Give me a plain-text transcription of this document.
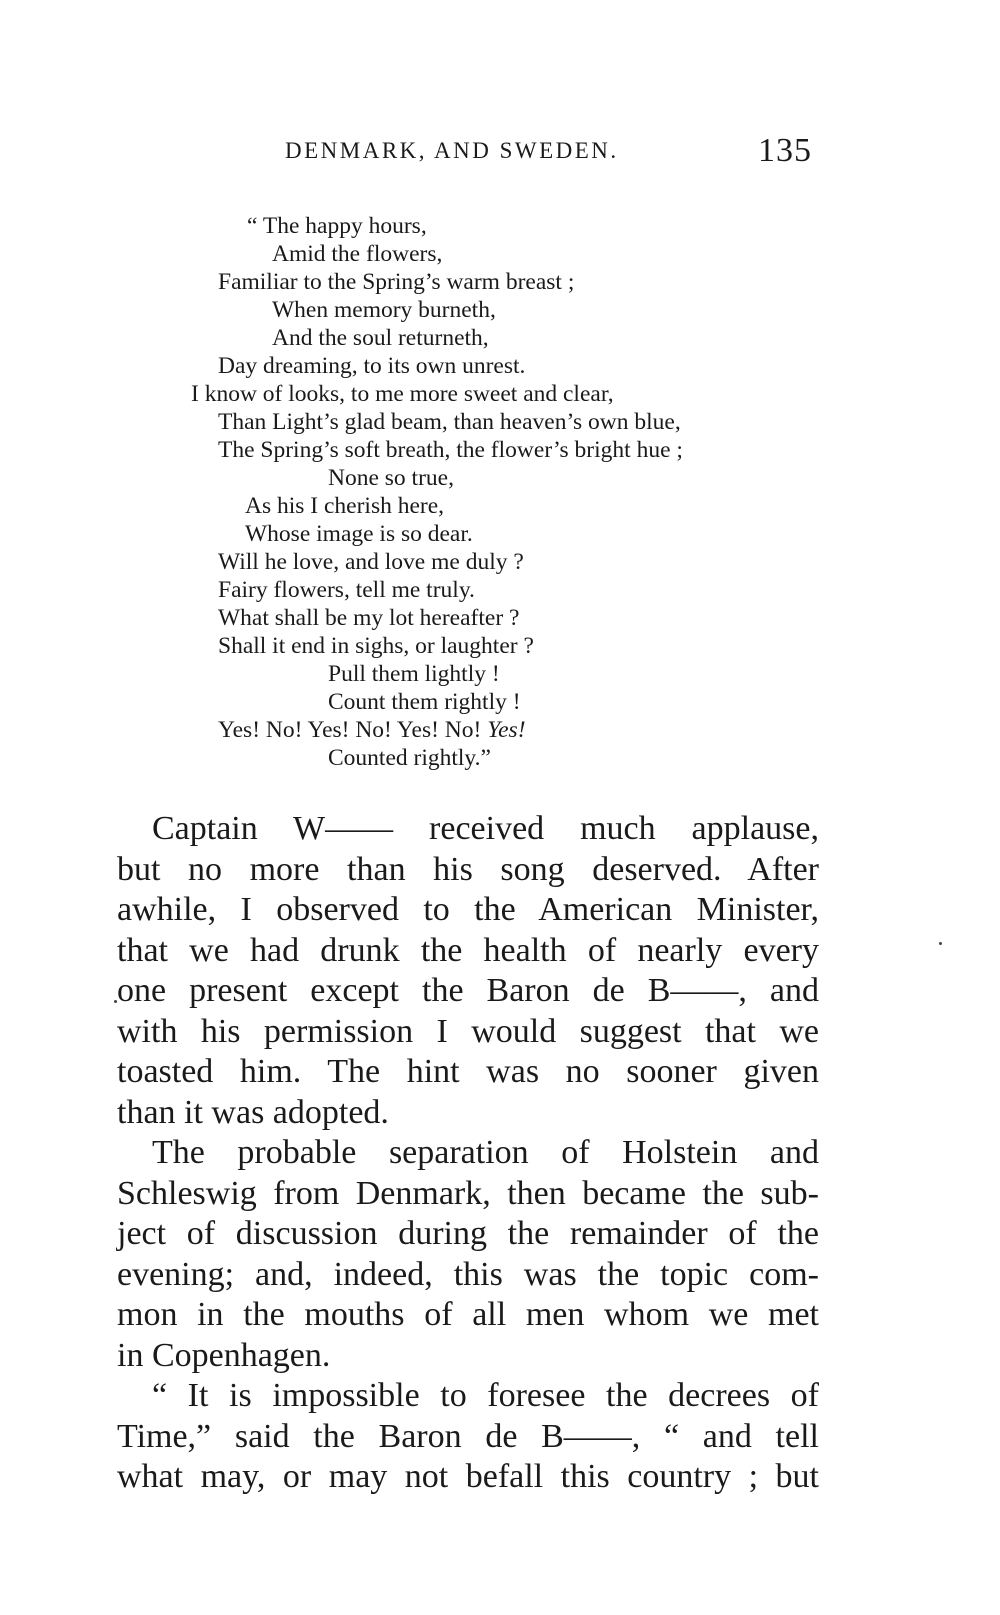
DENMARK, AND SWEDEN.	135
“ The happy hours,
Amid the flowers,
Familiar to the Spring’s warm breast ;
When memory burneth,
And the soul returneth,
Day dreaming, to its own unrest.
I know of looks, to me more sweet and clear,
Than Light’s glad beam, than heaven’s own blue,
The Spring’s soft breath, the flower’s bright hue ;
None so true,
As his I cherish here,
Whose image is so dear.
Will he love, and love me duly ?
Fairy flowers, tell me truly.
What shall be my lot hereafter ?
Shall it end in sighs, or laughter ?
Pull them lightly !
Count them rightly !
Yes! No! Yes! No! Yes! No! Yes!
Counted rightly.”
Captain W—— received much applause,
but no more than his song deserved. After
awhile, I observed to the American Minister,
that we had drunk the health of nearly every
one present except the Baron de B——, and
with his permission I would suggest that we
toasted him. The hint was no sooner given
than it was adopted.
The probable separation of Holstein and
Schleswig from Denmark, then became the sub-
ject of discussion during the remainder of the
evening; and, indeed, this was the topic com-
mon in the mouths of all men whom we met
in Copenhagen.
“ It is impossible to foresee the decrees of
Time,” said the Baron de B——, “ and tell
what may, or may not befall this country ; but
